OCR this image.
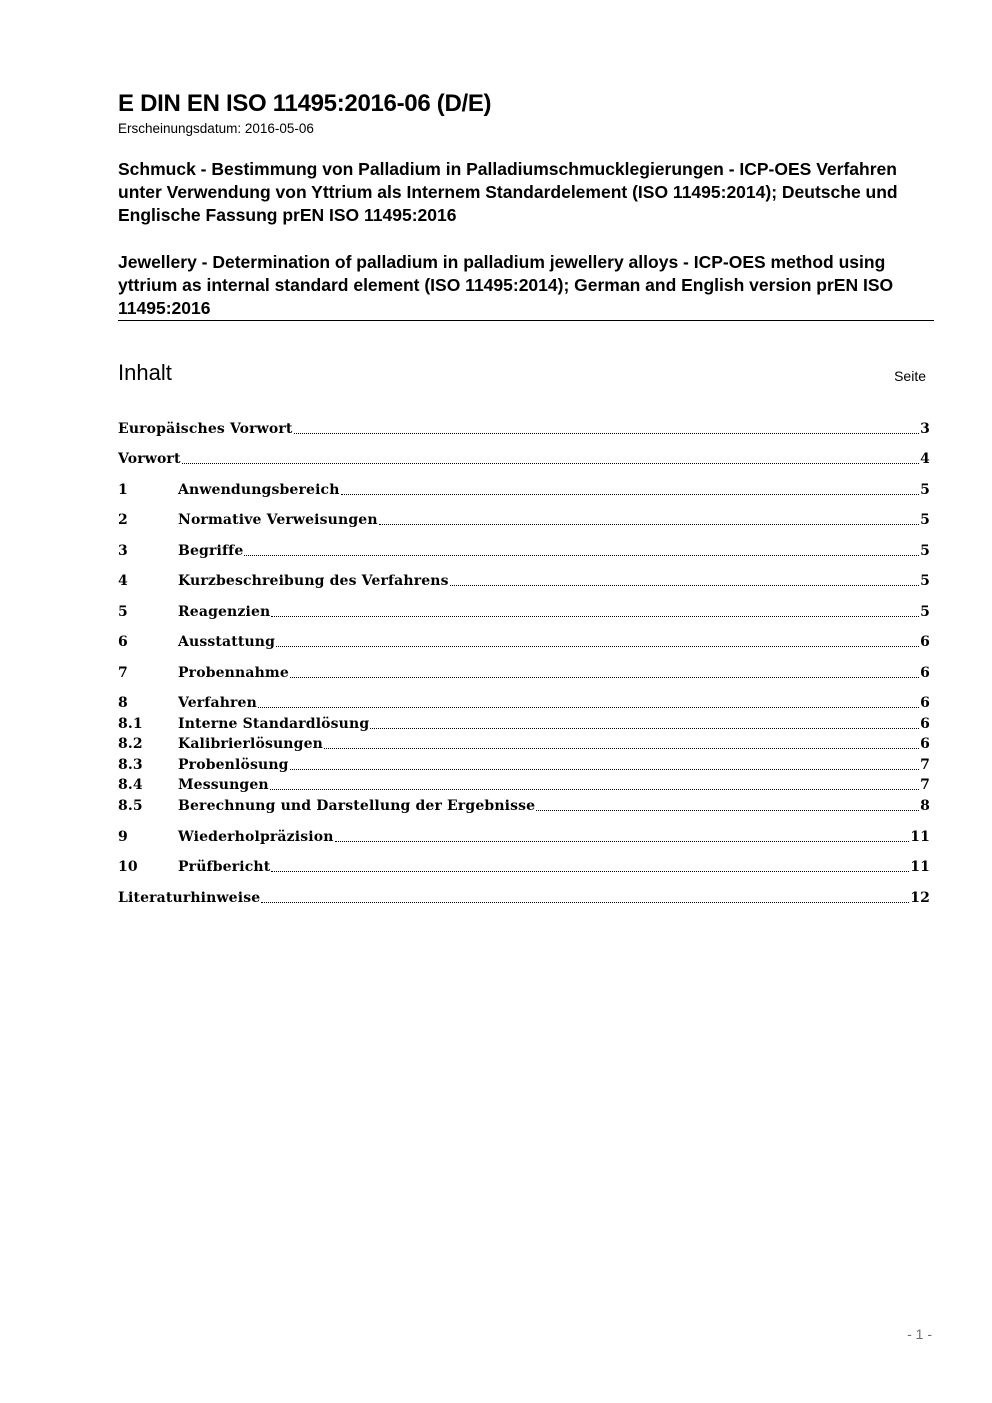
E DIN EN ISO 11495:2016-06 (D/E)
Erscheinungsdatum: 2016-05-06

Schmuck - Bestimmung von Palladium in Palladiumschmucklegierungen - ICP-OES Verfahren unter Verwendung von Yttrium als Internem Standardelement (ISO 11495:2014); Deutsche und Englische Fassung prEN ISO 11495:2016

Jewellery - Determination of palladium in palladium jewellery alloys - ICP-OES method using yttrium as internal standard element (ISO 11495:2014); German and English version prEN ISO 11495:2016

Inhalt	Seite
Europäisches Vorwort	3
Vorwort	4
1	Anwendungsbereich	5
2	Normative Verweisungen	5
3	Begriffe	5
4	Kurzbeschreibung des Verfahrens	5
5	Reagenzien	5
6	Ausstattung	6
7	Probennahme	6
8	Verfahren	6
8.1	Interne Standardlösung	6
8.2	Kalibrierlösungen	6
8.3	Probenlösung	7
8.4	Messungen	7
8.5	Berechnung und Darstellung der Ergebnisse	8
9	Wiederholpräzision	11
10	Prüfbericht	11
Literaturhinweise	12
- 1 -
